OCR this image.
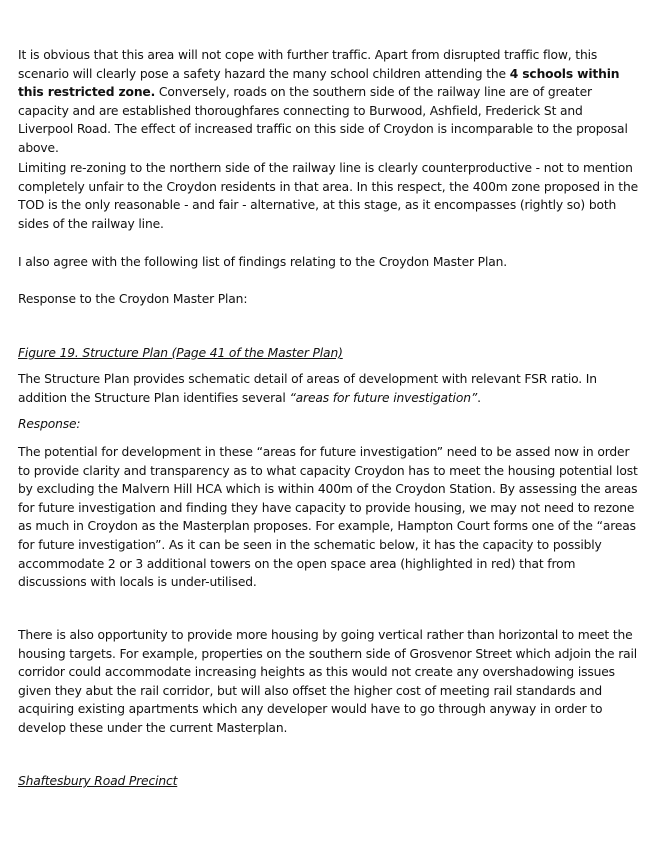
It is obvious that this area will not cope with further traffic. Apart from disrupted traffic flow, this scenario will clearly pose a safety hazard the many school children attending the 4 schools within this restricted zone. Conversely, roads on the southern side of the railway line are of greater capacity and are established thoroughfares connecting to Burwood, Ashfield, Frederick St and Liverpool Road. The effect of increased traffic on this side of Croydon is incomparable to the proposal above.

Limiting re-zoning to the northern side of the railway line is clearly counterproductive - not to mention completely unfair to the Croydon residents in that area. In this respect, the 400m zone proposed in the TOD is the only reasonable - and fair - alternative, at this stage, as it encompasses (rightly so) both sides of the railway line.

I also agree with the following list of findings relating to the Croydon Master Plan.

Response to the Croydon Master Plan:

Figure 19. Structure Plan (Page 41 of the Master Plan)

The Structure Plan provides schematic detail of areas of development with relevant FSR ratio. In addition the Structure Plan identifies several “areas for future investigation”.

Response:

The potential for development in these “areas for future investigation” need to be assed now in order to provide clarity and transparency as to what capacity Croydon has to meet the housing potential lost by excluding the Malvern Hill HCA which is within 400m of the Croydon Station. By assessing the areas for future investigation and finding they have capacity to provide housing, we may not need to rezone as much in Croydon as the Masterplan proposes. For example, Hampton Court forms one of the “areas for future investigation”. As it can be seen in the schematic below, it has the capacity to possibly accommodate 2 or 3 additional towers on the open space area (highlighted in red) that from discussions with locals is under-utilised.

There is also opportunity to provide more housing by going vertical rather than horizontal to meet the housing targets. For example, properties on the southern side of Grosvenor Street which adjoin the rail corridor could accommodate increasing heights as this would not create any overshadowing issues given they abut the rail corridor, but will also offset the higher cost of meeting rail standards and acquiring existing apartments which any developer would have to go through anyway in order to develop these under the current Masterplan.

Shaftesbury Road Precinct
